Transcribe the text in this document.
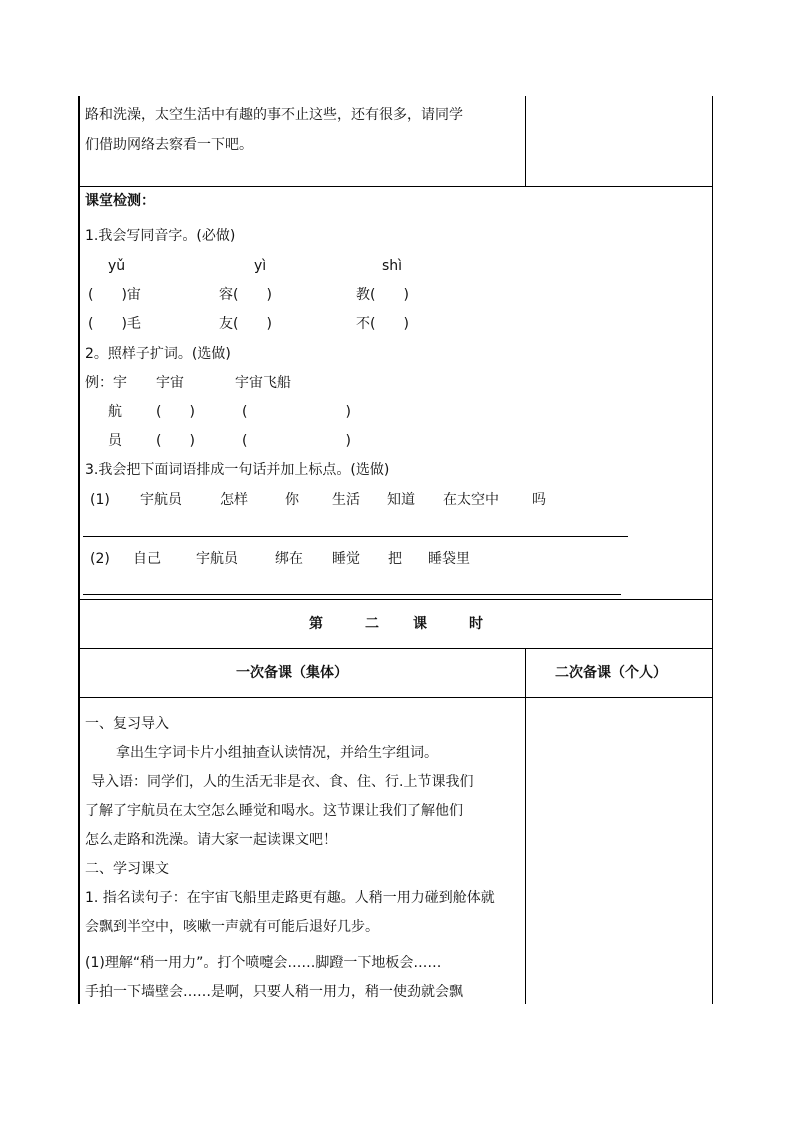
路和洗澡，太空生活中有趣的事不止这些，还有很多，请同学
们借助网络去察看一下吧。
课堂检测：
1.我会写同音字。(必做)
yǔ	yì	shì
(　　)宙	容(　　)	教(　　)
(　　)毛	友(　　)	不(　　)
2。照样子扩词。(选做)
例：宇 宇宙	宇宙飞船
航 (　　)	(　　　　　　　)
员 (　　)	(　　　　　　　)
3.我会把下面词语排成一句话并加上标点。(选做)
(1) 宇航员	怎样	你 生活 知道 在太空中 吗
(2) 自己	宇航员	绑在 睡觉 把 睡袋里
第	二 课	时
一次备课（集体）	二次备课（个人）
一、复习导入
拿出生字词卡片小组抽查认读情况，并给生字组词。
导入语：同学们，人的生活无非是衣、食、住、行.上节课我们
了解了宇航员在太空怎么睡觉和喝水。这节课让我们了解他们
怎么走路和洗澡。请大家一起读课文吧！
二、学习课文
1. 指名读句子：在宇宙飞船里走路更有趣。人稍一用力碰到舱体就
会飘到半空中，咳嗽一声就有可能后退好几步。
(1)理解“稍一用力”。打个喷嚏会……脚蹬一下地板会……
手拍一下墙壁会……是啊，只要人稍一用力，稍一使劲就会飘
